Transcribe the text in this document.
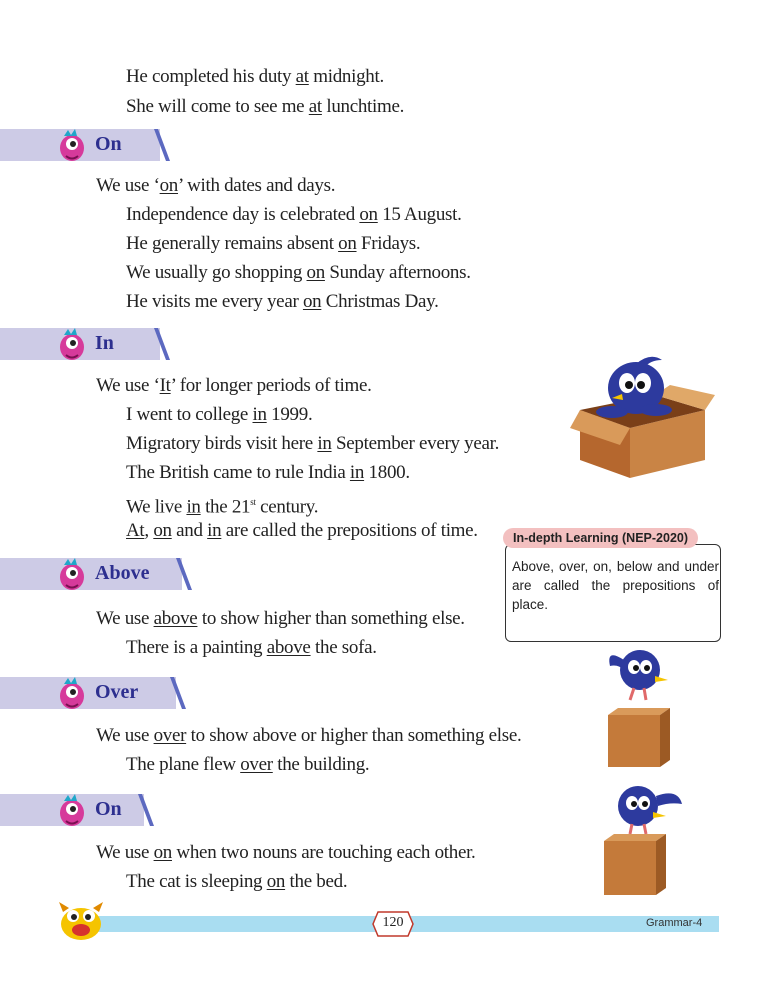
He completed his duty at midnight.
She will come to see me at lunchtime.
On
We use ‘on’ with dates and days.
Independence day is celebrated on 15 August.
He generally remains absent on Fridays.
We usually go shopping on Sunday afternoons.
He visits me every year on Christmas Day.
In
We use ‘It’ for longer periods of time.
I went to college in 1999.
Migratory birds visit here in September every year.
The British came to rule India in 1800.
We live in the 21st century.
At, on and in are called the prepositions of time.

Above, over, on, below and under are called the prepositions of place.

In-depth Learning (NEP-2020)
Above
We use above to show higher than something else.
There is a painting above the sofa.
Over
We use over to show above or higher than something else.
The plane flew over the building.
On
We use on when two nouns are touching each other.
The cat is sleeping on the bed.
120	Grammar-4
